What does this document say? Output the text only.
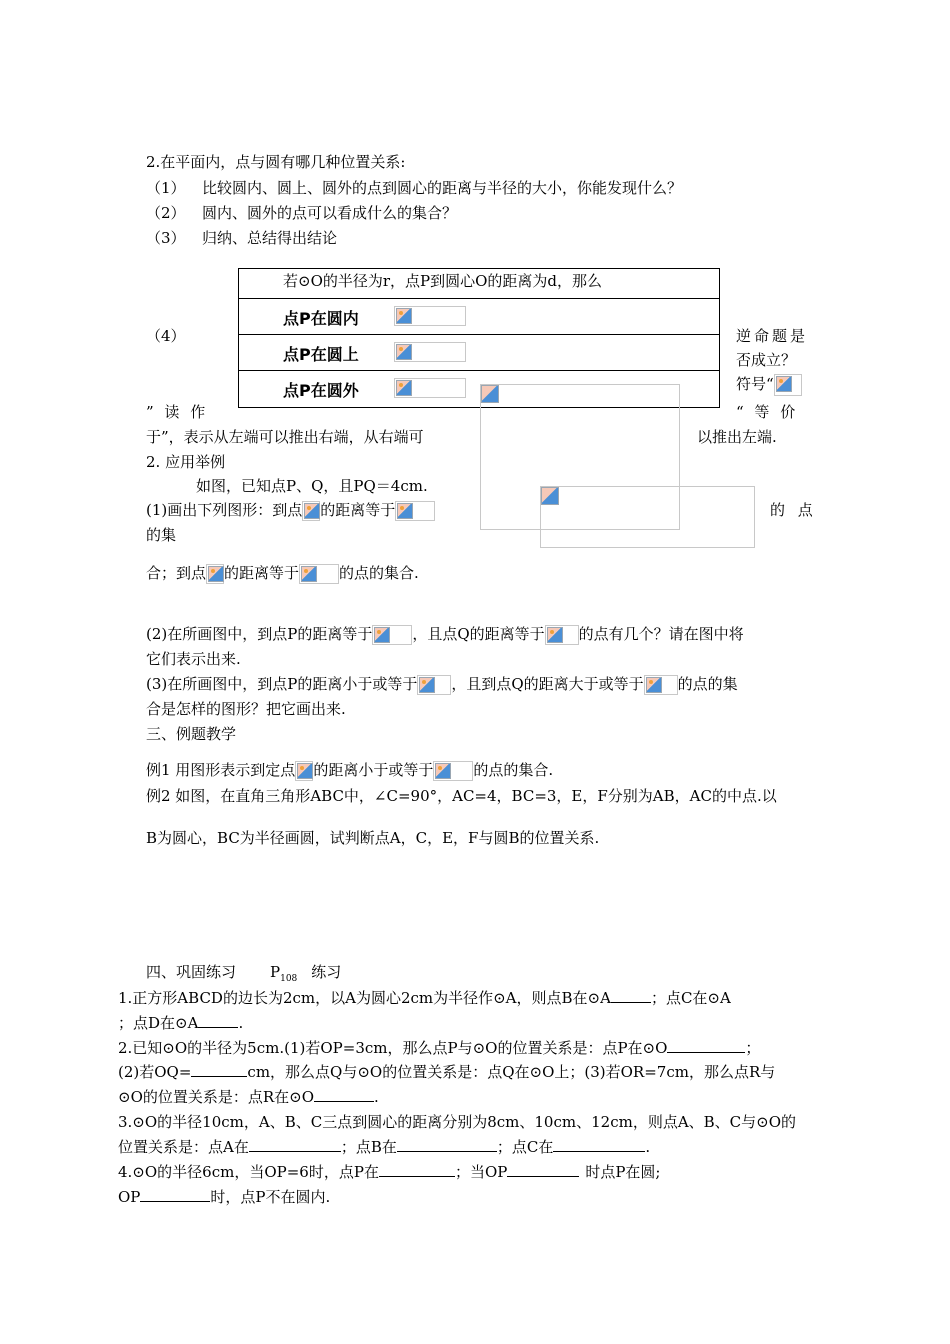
2.在平面内，点与圆有哪几种位置关系:
（1） 比较圆内、圆上、圆外的点到圆心的距离与半径的大小，你能发现什么？
（2） 圆内、圆外的点可以看成什么的集合？
（3） 归纳、总结得出结论
（4）
若⊙O的半径为r，点P到圆心O的距离为d，那么
点P在圆内
点P在圆上
点P在圆外
逆命题是
否成立？
符号“
” 读 作	“ 等 价
于”，表示从左端可以推出右端，从右端可	以推出左端.
2. 应用举例
如图，已知点P、Q，且PQ＝4cm.
(1)画出下列图形：到点 的距离等于	的 点
的集
合；到点 的距离等于	的点的集合.
(2)在所画图中，到点P的距离等于	，且点Q的距离等于 的点有几个？请在图中将
它们表示出来.
(3)在所画图中，到点P的距离小于或等于 ，且到点Q的距离大于或等于 的点的集
合是怎样的图形？把它画出来.
三、例题教学
例1 用图形表示到定点 的距离小于或等于	的点的集合.
例2 如图，在直角三角形ABC中，∠C=90°，AC=4，BC=3，E，F分别为AB，AC的中点.以
B为圆心，BC为半径画圆，试判断点A，C，E，F与圆B的位置关系.
四、巩固练习 $P_{108}$ 练习
1.正方形ABCD的边长为2cm，以A为圆心2cm为半径作⊙A，则点B在⊙A	；点C在⊙A
；点D在⊙A	.
2.已知⊙O的半径为5cm.(1)若OP=3cm，那么点P与⊙O的位置关系是：点P在⊙O	；
(2)若OQ=	cm，那么点Q与⊙O的位置关系是：点Q在⊙O上；(3)若OR=7cm，那么点R与
⊙O的位置关系是：点R在⊙O	.
3.⊙O的半径10cm，A、B、C三点到圆心的距离分别为8cm、10cm、12cm，则点A、B、C与⊙O的
位置关系是：点A在	；点B在	；点C在	.
4.⊙O的半径6cm，当OP=6时，点P在	；当OP	时点P在圆;
OP	时，点P不在圆内.
